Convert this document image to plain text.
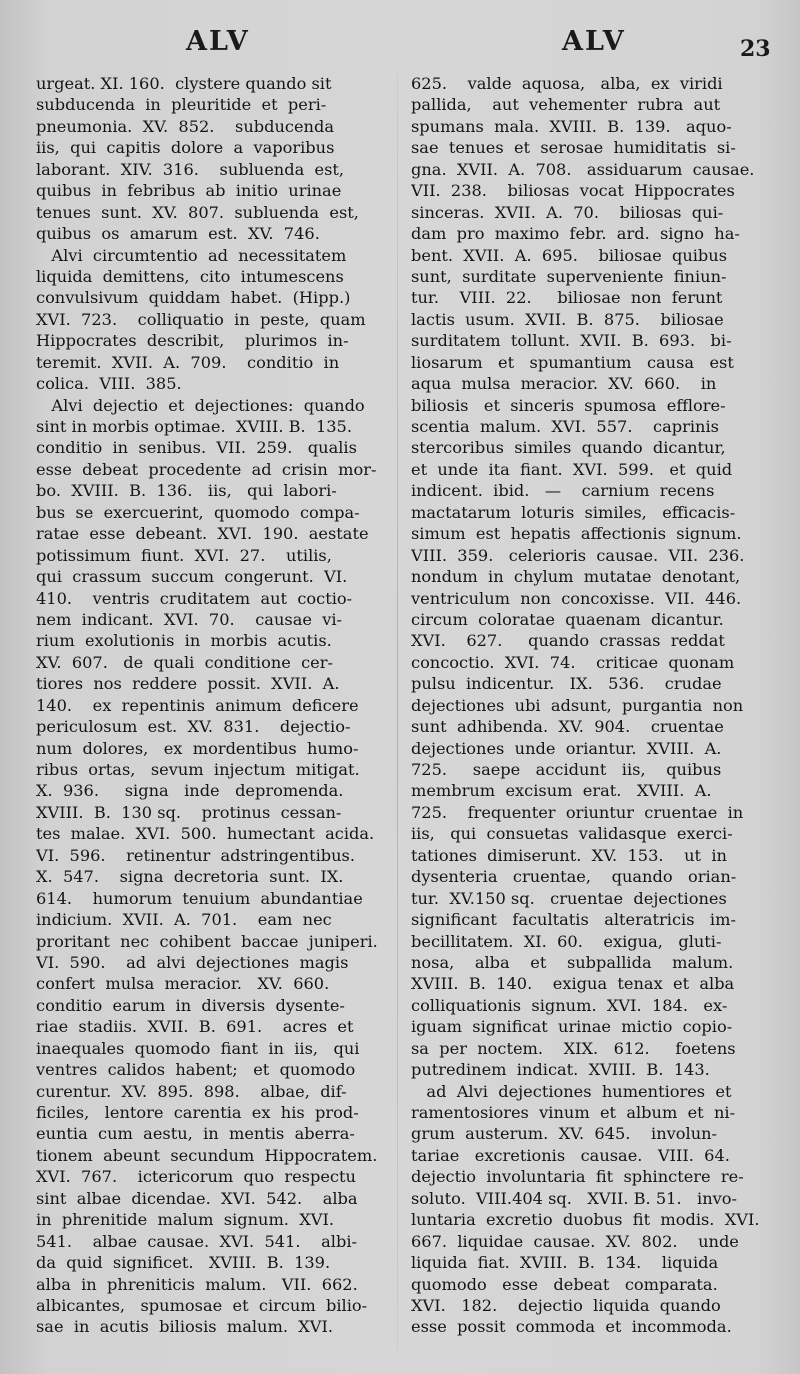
ALV	ALV	23
urgeat. XI. 160.  clystere quando sit
subducenda  in  pleuritide  et  peri-
pneumonia.  XV.  852.    subducenda
iis,  qui  capitis  dolore  a  vaporibus
laborant.  XIV.  316.    subluenda  est,
quibus  in  febribus  ab  initio  urinae
tenues  sunt.  XV.  807.  subluenda  est,
quibus  os  amarum  est.  XV.  746.
Alvi  circumtentio  ad  necessitatem
liquida  demittens,  cito  intumescens
convulsivum  quiddam  habet.  (Hipp.)
XVI.  723.    colliquatio  in  peste,  quam
Hippocrates  describit,    plurimos  in-
teremit.  XVII.  A.  709.    conditio  in
colica.  VIII.  385.
Alvi  dejectio  et  dejectiones:  quando
sint in morbis optimae.  XVIII. B.  135.
conditio  in  senibus.  VII.  259.   qualis
esse  debeat  procedente  ad  crisin  mor-
bo.  XVIII.  B.  136.   iis,   qui  labori-
bus  se  exercuerint,  quomodo  compa-
ratae  esse  debeant.  XVI.  190.  aestate
potissimum  fiunt.  XVI.  27.    utilis,
qui  crassum  succum  congerunt.  VI.
410.    ventris  cruditatem  aut  coctio-
nem  indicant.  XVI.  70.    causae  vi-
rium  exolutionis  in  morbis  acutis.
XV.  607.   de  quali  conditione  cer-
tiores  nos  reddere  possit.  XVII.  A.
140.    ex  repentinis  animum  deficere
periculosum  est.  XV.  831.    dejectio-
num  dolores,   ex  mordentibus  humo-
ribus  ortas,   sevum  injectum  mitigat.
X.  936.     signa   inde   depromenda.
XVIII.  B.  130 sq.    protinus  cessan-
tes  malae.  XVI.  500.  humectant  acida.
VI.  596.    retinentur  adstringentibus.
X.  547.    signa  decretoria  sunt.  IX.
614.    humorum  tenuium  abundantiae
indicium.  XVII.  A.  701.    eam  nec
proritant  nec  cohibent  baccae  juniperi.
VI.  590.    ad  alvi  dejectiones  magis
confert  mulsa  meracior.   XV.  660.
conditio  earum  in  diversis  dysente-
riae  stadiis.  XVII.  B.  691.    acres  et
inaequales  quomodo  fiant  in  iis,   qui
ventres  calidos  habent;   et  quomodo
curentur.  XV.  895.  898.    albae,  dif-
ficiles,   lentore  carentia  ex  his  prod-
euntia  cum  aestu,  in  mentis  aberra-
tionem  abeunt  secundum  Hippocratem.
XVI.  767.    ictericorum  quo  respectu
sint  albae  dicendae.  XVI.  542.    alba
in  phrenitide  malum  signum.  XVI.
541.    albae  causae.  XVI.  541.    albi-
da  quid  significet.   XVIII.  B.  139.
alba  in  phreniticis  malum.   VII.  662.
albicantes,   spumosae  et  circum  bilio-
sae  in  acutis  biliosis  malum.  XVI.
625.    valde  aquosa,   alba,  ex  viridi
pallida,    aut  vehementer  rubra  aut
spumans  mala.  XVIII.  B.  139.   aquo-
sae  tenues  et  serosae  humiditatis  si-
gna.  XVII.  A.  708.   assiduarum  causae.
VII.  238.    biliosas  vocat  Hippocrates
sinceras.  XVII.  A.  70.    biliosas  qui-
dam  pro  maximo  febr.  ard.  signo  ha-
bent.  XVII.  A.  695.    biliosae  quibus
sunt,  surditate  superveniente  finiun-
tur.    VIII.  22.     biliosae  non  ferunt
lactis  usum.  XVII.  B.  875.    biliosae
surditatem  tollunt.  XVII.  B.  693.   bi-
liosarum   et   spumantium   causa   est
aqua  mulsa  meracior.  XV.  660.    in
biliosis   et  sinceris  spumosa  efflore-
scentia  malum.  XVI.  557.    caprinis
stercoribus  similes  quando  dicantur,
et  unde  ita  fiant.  XVI.  599.   et  quid
indicent.  ibid.   —    carnium  recens
mactatarum  loturis  similes,   efficacis-
simum  est  hepatis  affectionis  signum.
VIII.  359.   celerioris  causae.  VII.  236.
nondum  in  chylum  mutatae  denotant,
ventriculum  non  concoxisse.  VII.  446.
circum  coloratae  quaenam  dicantur.
XVI.    627.     quando  crassas  reddat
concoctio.  XVI.  74.    criticae  quonam
pulsu  indicentur.   IX.   536.    crudae
dejectiones  ubi  adsunt,  purgantia  non
sunt  adhibenda.  XV.  904.    cruentae
dejectiones  unde  oriantur.  XVIII.  A.
725.     saepe   accidunt   iis,    quibus
membrum  excisum  erat.   XVIII.  A.
725.    frequenter  oriuntur  cruentae  in
iis,   qui  consuetas  validasque  exerci-
tationes  dimiserunt.  XV.  153.    ut  in
dysenteria   cruentae,    quando   orian-
tur.  XV.150 sq.   cruentae  dejectiones
significant   facultatis   alteratricis   im-
becillitatem.  XI.  60.    exigua,   gluti-
nosa,    alba    et    subpallida    malum.
XVIII.  B.  140.    exigua  tenax  et  alba
colliquationis  signum.  XVI.  184.   ex-
iguam  significat  urinae  mictio  copio-
sa  per  noctem.    XIX.   612.     foetens
putredinem  indicat.  XVIII.  B.  143.
ad  Alvi  dejectiones  humentiores  et
ramentosiores  vinum  et  album  et  ni-
grum  austerum.  XV.  645.    involun-
tariae   excretionis   causae.   VIII.  64.
dejectio  involuntaria  fit  sphinctere  re-
soluto.  VIII.404 sq.   XVII. B. 51.   invo-
luntaria  excretio  duobus  fit  modis.  XVI.
667.  liquidae  causae.  XV.  802.    unde
liquida  fiat.  XVIII.  B.  134.    liquida
quomodo   esse   debeat   comparata.
XVI.   182.    dejectio  liquida  quando
esse  possit  commoda  et  incommoda.
